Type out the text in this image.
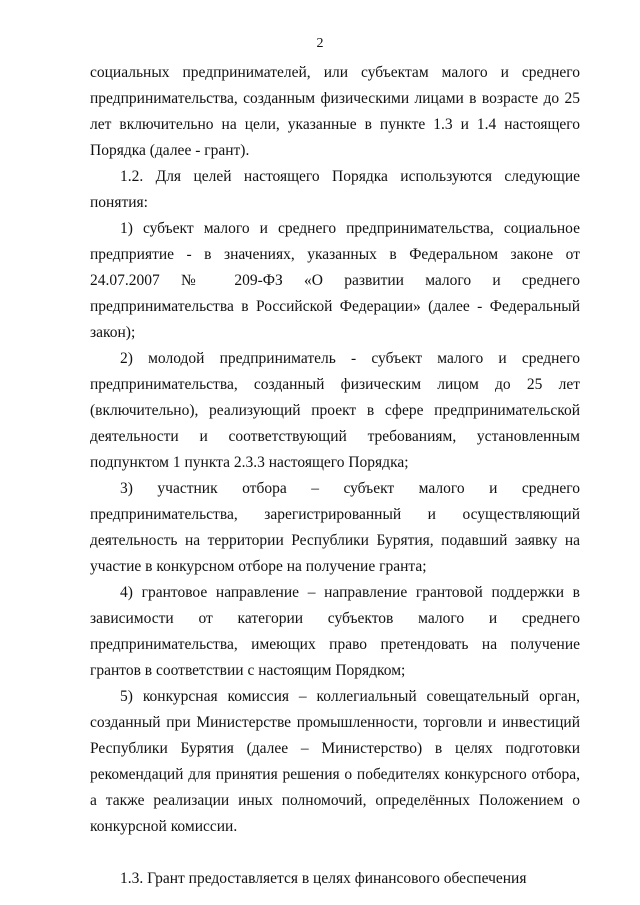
2

социальных предпринимателей, или субъектам малого и среднего предпринимательства, созданным физическими лицами в возрасте до 25 лет включительно на цели, указанные в пункте 1.3 и 1.4 настоящего Порядка (далее - грант).

1.2. Для целей настоящего Порядка используются следующие понятия:

1) субъект малого и среднего предпринимательства, социальное предприятие - в значениях, указанных в Федеральном законе от 24.07.2007 № 209-ФЗ «О развитии малого и среднего предпринимательства в Российской Федерации» (далее - Федеральный закон);

2) молодой предприниматель - субъект малого и среднего предпринимательства, созданный физическим лицом до 25 лет (включительно), реализующий проект в сфере предпринимательской деятельности и соответствующий требованиям, установленным подпунктом 1 пункта 2.3.3 настоящего Порядка;

3) участник отбора – субъект малого и среднего предпринимательства, зарегистрированный и осуществляющий деятельность на территории Республики Бурятия, подавший заявку на участие в конкурсном отборе на получение гранта;

4) грантовое направление – направление грантовой поддержки в зависимости от категории субъектов малого и среднего предпринимательства, имеющих право претендовать на получение грантов в соответствии с настоящим Порядком;

5) конкурсная комиссия – коллегиальный совещательный орган, созданный при Министерстве промышленности, торговли и инвестиций Республики Бурятия (далее – Министерство) в целях подготовки рекомендаций для принятия решения о победителях конкурсного отбора, а также реализации иных полномочий, определённых Положением о конкурсной комиссии.

1.3. Грант предоставляется в целях финансового обеспечения
